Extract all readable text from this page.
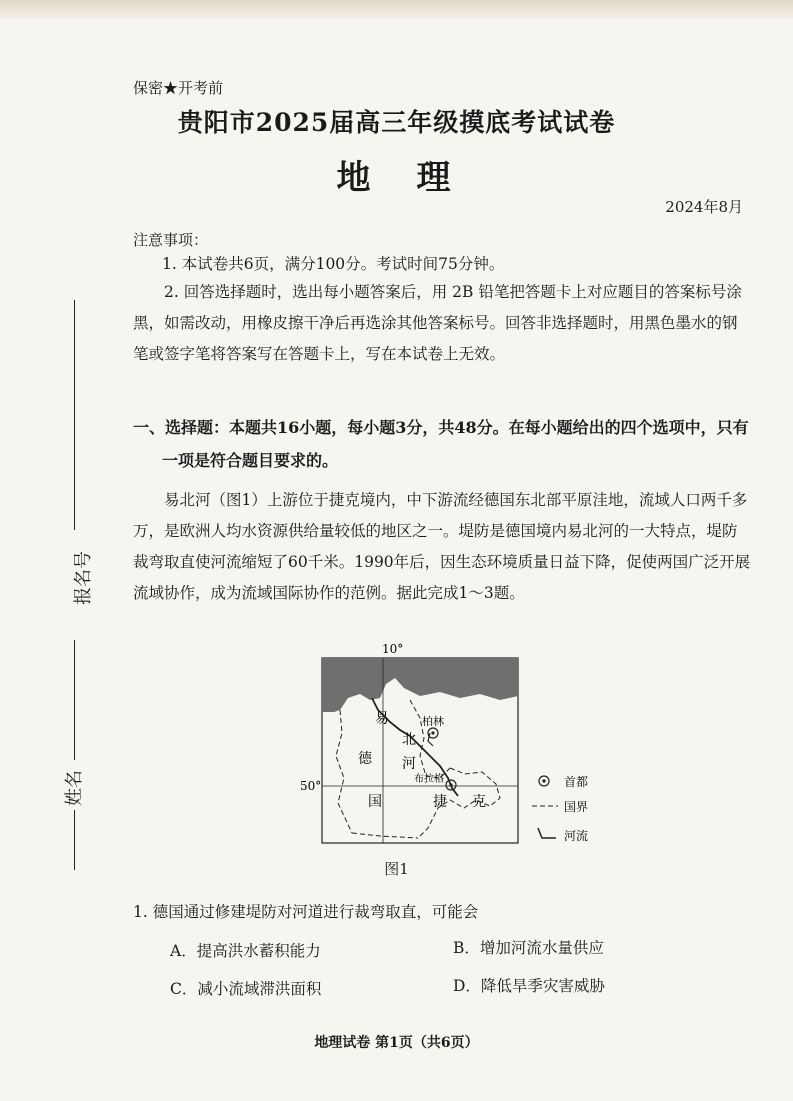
报名号
姓名
保密★开考前
贵阳市2025届高三年级摸底考试试卷
地　理
2024年8月
注意事项：
1. 本试卷共6页，满分100分。考试时间75分钟。
2. 回答选择题时，选出每小题答案后，用 2B 铅笔把答题卡上对应题目的答案标号涂黑，如需改动，用橡皮擦干净后再选涂其他答案标号。回答非选择题时，用黑色墨水的钢笔或签字笔将答案写在答题卡上，写在本试卷上无效。
一、选择题：本题共16小题，每小题3分，共48分。在每小题给出的四个选项中，只有
一项是符合题目要求的。
易北河（图1）上游位于捷克境内，中下游流经德国东北部平原洼地，流域人口两千多万，是欧洲人均水资源供给量较低的地区之一。堤防是德国境内易北河的一大特点，堤防裁弯取直使河流缩短了60千米。1990年后，因生态环境质量日益下降，促使两国广泛开展流域协作，成为流域国际协作的范例。据此完成1～3题。
10°
50°
易
北
河
柏林
布拉格
德
国	捷 克
首都
国界
河流
图1
1. 德国通过修建堤防对河道进行裁弯取直，可能会
A．提高洪水蓄积能力	B．增加河流水量供应
C．减小流域滞洪面积	D．降低旱季灾害威胁
地理试卷 第1页（共6页）
